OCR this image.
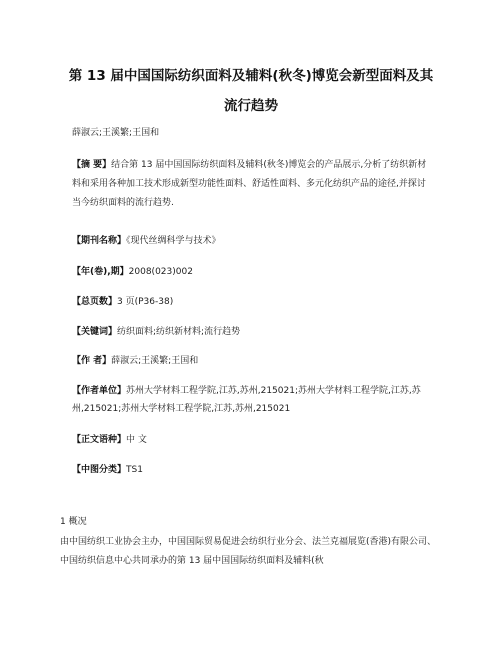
第 13 届中国国际纺织面料及辅料(秋冬)博览会新型面料及其
流行趋势
薛淑云;王溪繁;王国和
【摘 要】结合第 13 届中国国际纺织面料及辅料(秋冬)博览会的产品展示,分析了纺织新材料和采用各种加工技术形成新型功能性面料、舒适性面料、多元化纺织产品的途径,并探讨当今纺织面料的流行趋势.
【期刊名称】《现代丝绸科学与技术》
【年(卷),期】2008(023)002
【总页数】3 页(P36-38)
【关键词】纺织面料;纺织新材料;流行趋势
【作 者】薛淑云;王溪繁;王国和
【作者单位】苏州大学材料工程学院,江苏,苏州,215021;苏州大学材料工程学院,江苏,苏州,215021;苏州大学材料工程学院,江苏,苏州,215021
【正文语种】中 文
【中图分类】TS1
1 概况
由中国纺织工业协会主办，中国国际贸易促进会纺织行业分会、法兰克福展览(香港)有限公司、中国纺织信息中心共同承办的第 13 届中国国际纺织面料及辅料(秋
